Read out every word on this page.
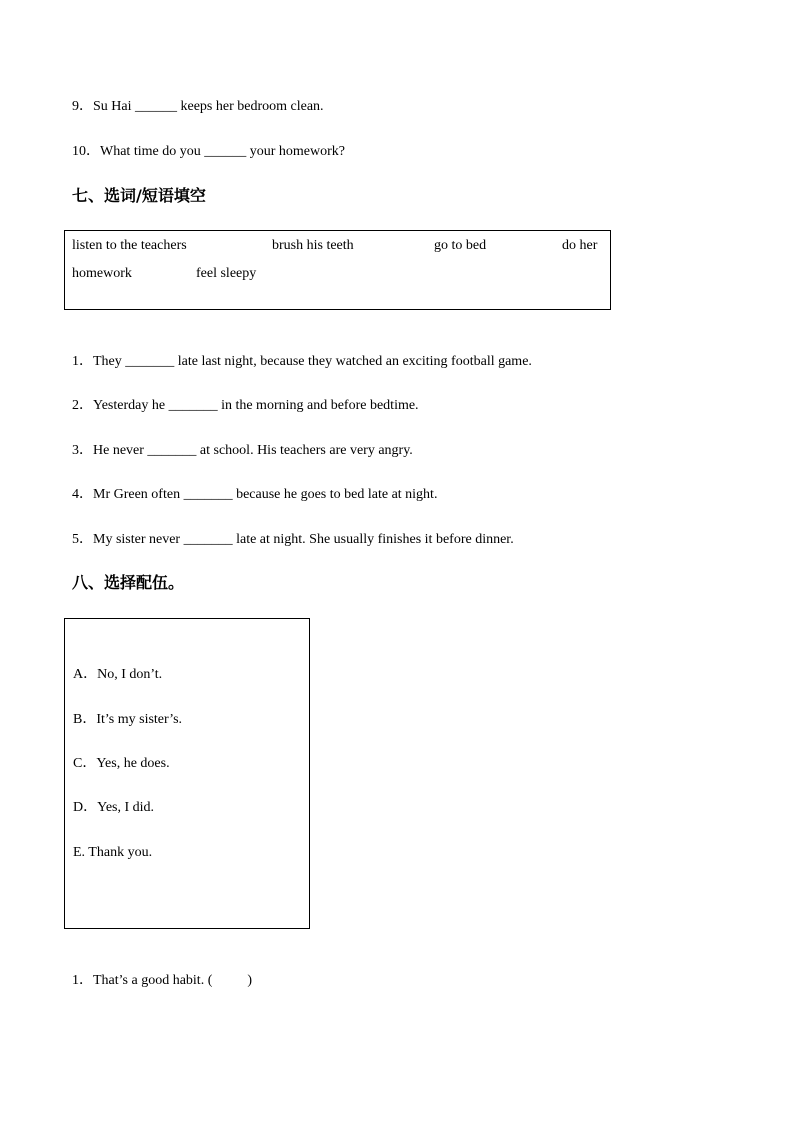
9．Su Hai ______ keeps her bedroom clean.
10．What time do you ______ your homework?
七、选词/短语填空
listen to the teachers	brush his teeth	go to bed	do her
homework	feel sleepy
1．They _______ late last night, because they watched an exciting football game.
2．Yesterday he _______ in the morning and before bedtime.
3．He never _______ at school. His teachers are very angry.
4．Mr Green often _______ because he goes to bed late at night.
5．My sister never _______ late at night. She usually finishes it before dinner.
八、选择配伍。
A．No, I don’t.
B．It’s my sister’s.
C．Yes, he does.
D．Yes, I did.
E. Thank you.
1．That’s a good habit. (          )
